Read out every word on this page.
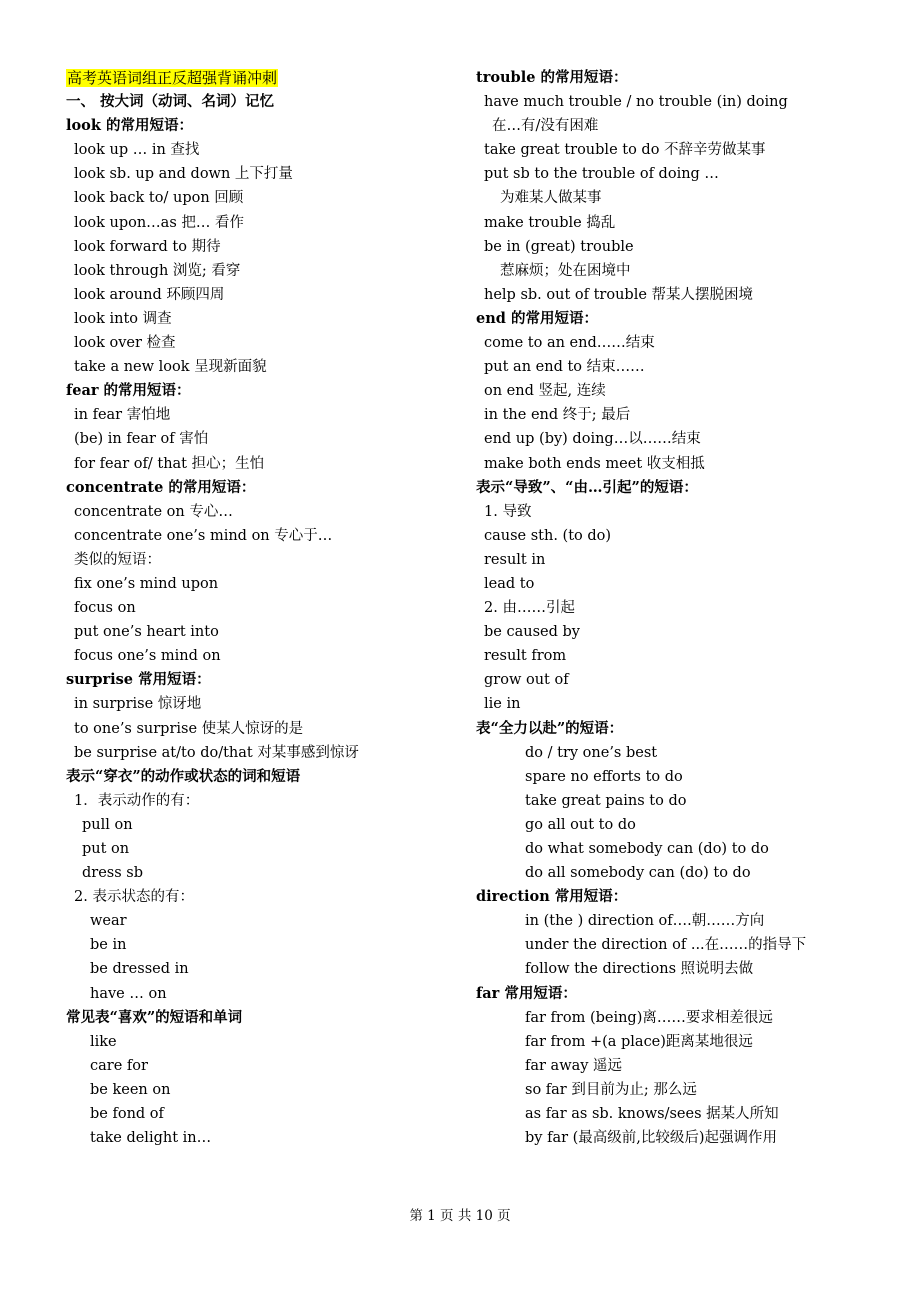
高考英语词组正反超强背诵冲刺
一、 按大词（动词、名词）记忆
look 的常用短语：
look up … in 查找
look sb. up and down 上下打量
look back to/ upon 回顾
look upon…as 把… 看作
look forward to 期待
look through 浏览; 看穿
look around 环顾四周
look into 调查
look over 检查
take a new look 呈现新面貌
fear 的常用短语：
in fear 害怕地
(be) in fear of 害怕
for fear of/ that 担心；生怕
concentrate 的常用短语：
concentrate on 专心…
concentrate one’s mind on 专心于…
类似的短语：
fix one’s mind upon
focus on
put one’s heart into
focus one’s mind on
surprise 常用短语：
in surprise 惊讶地
to one’s surprise 使某人惊讶的是
be surprise at/to do/that 对某事感到惊讶
表示“穿衣”的动作或状态的词和短语
1．表示动作的有：
pull on
put on
dress sb
2. 表示状态的有：
wear
be in
be dressed in
have … on
常见表“喜欢”的短语和单词
like
care for
be keen on
be fond of
take delight in…
trouble 的常用短语：
have much trouble / no trouble (in) doing
在…有/没有困难
take great trouble to do 不辞辛劳做某事
put sb to the trouble of doing …
为难某人做某事
make trouble 捣乱
be in (great) trouble
惹麻烦；处在困境中
help sb. out of trouble 帮某人摆脱困境
end 的常用短语：
come to an end……结束
put an end to 结束……
on end 竖起, 连续
in the end 终于; 最后
end up (by) doing…以……结束
make both ends meet 收支相抵
表示“导致”、“由…引起”的短语：
1. 导致
cause sth. (to do)
result in
lead to
2. 由……引起
be caused by
result from
grow out of
lie in
表“全力以赴”的短语：
do / try one’s best
spare no efforts to do
take great pains to do
go all out to do
do what somebody can (do) to do
do all somebody can (do) to do
direction 常用短语：
in (the ) direction of….朝……方向
under the direction of ...在……的指导下
follow the directions 照说明去做
far 常用短语：
far from (being)离……要求相差很远
far from +(a place)距离某地很远
far away 遥远
so far 到目前为止; 那么远
as far as sb. knows/sees 据某人所知
by far (最高级前,比较级后)起强调作用
第 1 页 共 10 页
